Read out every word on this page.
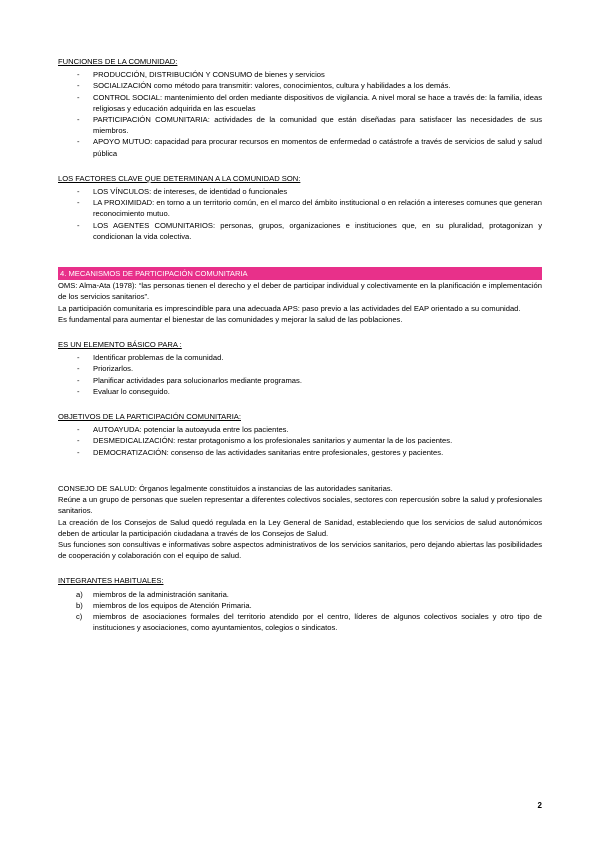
FUNCIONES DE LA COMUNIDAD:
- PRODUCCIÓN, DISTRIBUCIÓN Y CONSUMO de bienes y servicios
- SOCIALIZACIÓN como método para transmitir: valores, conocimientos, cultura y habilidades a los demás.
- CONTROL SOCIAL: mantenimiento del orden mediante dispositivos de vigilancia. A nivel moral se hace a través de: la familia, ideas religiosas y educación adquirida en las escuelas
- PARTICIPACIÓN COMUNITARIA: actividades de la comunidad que están diseñadas para satisfacer las necesidades de sus miembros.
- APOYO MUTUO: capacidad para procurar recursos en momentos de enfermedad o catástrofe a través de servicios de salud y salud pública
LOS FACTORES CLAVE QUE DETERMINAN A LA COMUNIDAD SON:
- LOS VÍNCULOS: de intereses, de identidad o funcionales
- LA PROXIMIDAD: en torno a un territorio común, en el marco del ámbito institucional o en relación a intereses comunes que generan reconocimiento mutuo.
- LOS AGENTES COMUNITARIOS: personas, grupos, organizaciones e instituciones que, en su pluralidad, protagonizan y condicionan la vida colectiva.
4. MECANISMOS DE PARTICIPACIÓN COMUNITARIA

OMS: Alma-Ata (1978): “las personas tienen el derecho y el deber de participar individual y colectivamente en la planificación e implementación de los servicios sanitarios”.

La participación comunitaria es imprescindible para una adecuada APS: paso previo a las actividades del EAP orientado a su comunidad.

Es fundamental para aumentar el bienestar de las comunidades y mejorar la salud de las poblaciones.

ES UN ELEMENTO BÁSICO PARA :
- Identificar problemas de la comunidad.
- Priorizarlos.
- Planificar actividades para solucionarlos mediante programas.
- Evaluar lo conseguido.
OBJETIVOS DE LA PARTICIPACIÓN COMUNITARIA:
- AUTOAYUDA: potenciar la autoayuda entre los pacientes.
- DESMEDICALIZACIÓN: restar protagonismo a los profesionales sanitarios y aumentar la de los pacientes.
- DEMOCRATIZACIÓN: consenso de las actividades sanitarias entre profesionales, gestores y pacientes.

CONSEJO DE SALUD: Órganos legalmente constituidos a instancias de las autoridades sanitarias.

Reúne a un grupo de personas que suelen representar a diferentes colectivos sociales, sectores con repercusión sobre la salud y profesionales sanitarios.

La creación de los Consejos de Salud quedó regulada en la Ley General de Sanidad, estableciendo que los servicios de salud autonómicos deben de articular la participación ciudadana a través de los Consejos de Salud.

Sus funciones son consultivas e informativas sobre aspectos administrativos de los servicios sanitarios, pero dejando abiertas las posibilidades de cooperación y colaboración con el equipo de salud.

INTEGRANTES HABITUALES:
a) miembros de la administración sanitaria.
b) miembros de los equipos de Atención Primaria.
c) miembros de asociaciones formales del territorio atendido por el centro, líderes de algunos colectivos sociales y otro tipo de instituciones y asociaciones, como ayuntamientos, colegios o sindicatos.
2
